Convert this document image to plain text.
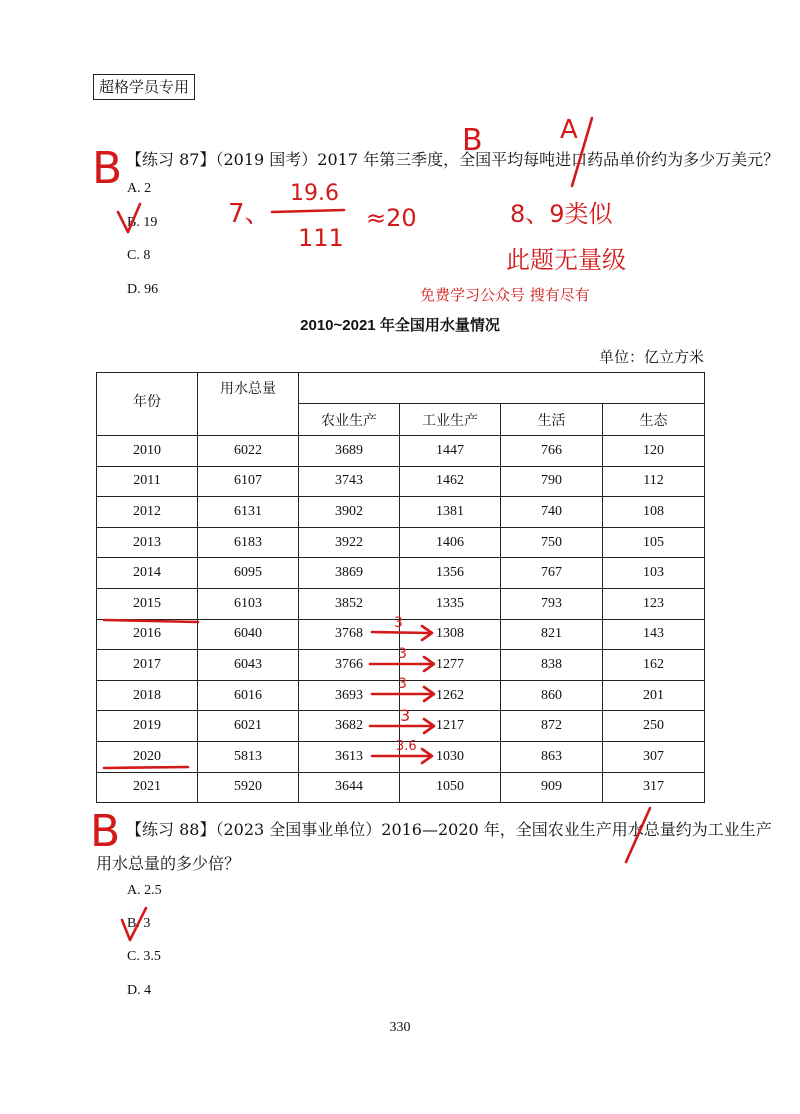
超格学员专用
【练习 87】（2019 国考）2017 年第三季度，全国平均每吨进口药品单价约为多少万美元？
A. 2
B. 19
C. 8
D. 96
2010~2021 年全国用水量情况
单位：亿立方米
年份	用水总量				
		农业生产	工业生产	生活	生态
2010	6022	3689	1447	766	120
2011	6107	3743	1462	790	112
2012	6131	3902	1381	740	108
2013	6183	3922	1406	750	105
2014	6095	3869	1356	767	103
2015	6103	3852	1335	793	123
2016	6040	3768	1308	821	143
2017	6043	3766	1277	838	162
2018	6016	3693	1262	860	201
2019	6021	3682	1217	872	250
2020	5813	3613	1030	863	307
2021	5920	3644	1050	909	317
【练习 88】（2023 全国事业单位）2016—2020 年，全国农业生产用水总量约为工业生产
用水总量的多少倍？
A. 2.5
B. 3
C. 3.5
D. 4
330
B
B	A
7、
19.6
111
≈20	8、9类似
此题无量级
免费学习公众号 搜有尽有
3
3
3
3
3.6
B
